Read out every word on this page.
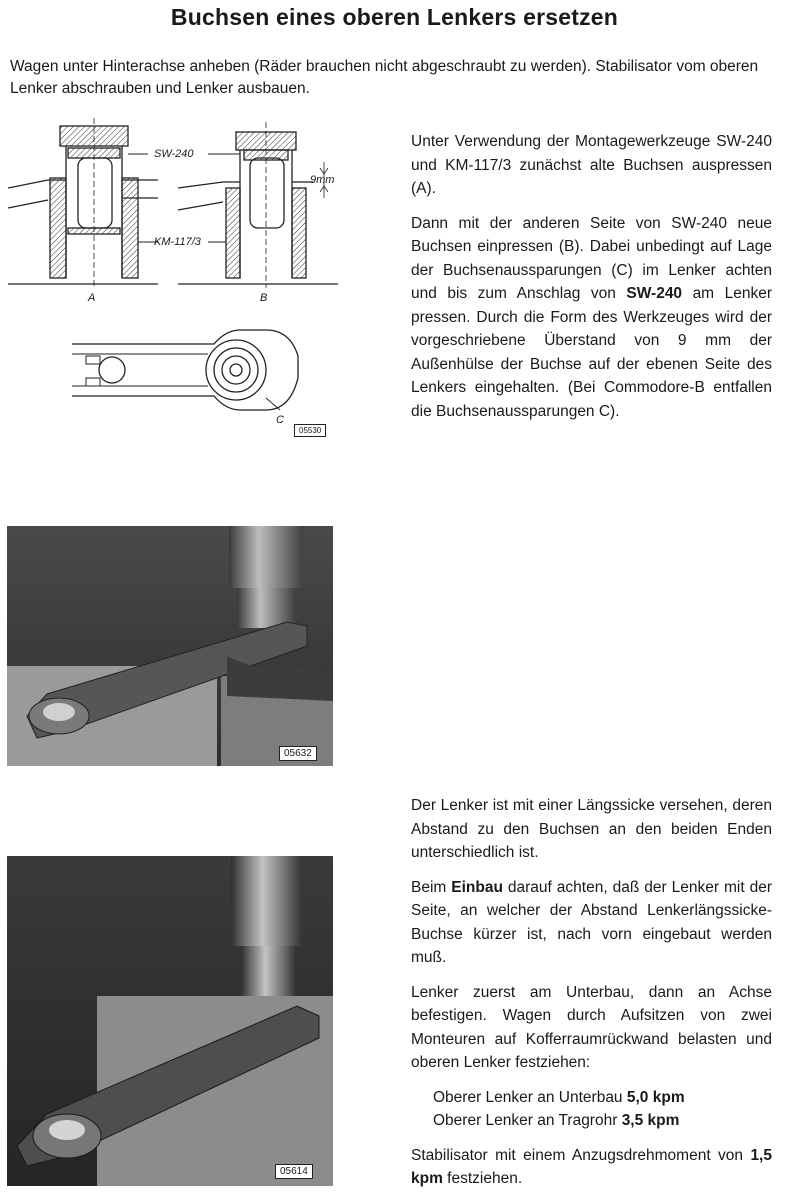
Buchsen eines oberen Lenkers ersetzen
Wagen unter Hinterachse anheben (Räder brauchen nicht abgeschraubt zu werden). Stabilisator vom oberen Lenker abschrauben und Lenker ausbauen.
SW-240
KM-117/3
9mm
A	B
C
05530

Unter Verwendung der Montagewerkzeuge SW-240 und KM-117/3 zunächst alte Buchsen auspressen (A).

Dann mit der anderen Seite von SW-240 neue Buchsen einpressen (B). Dabei unbedingt auf Lage der Buchsenaussparungen (C) im Lenker achten und bis zum Anschlag von SW-240 am Lenker pressen. Durch die Form des Werkzeuges wird der vorgeschriebene Überstand von 9 mm der Außenhülse der Buchse auf der ebenen Seite des Lenkers eingehalten. (Bei Commodore-B entfallen die Buchsenaussparungen C).

05632
05614

Der Lenker ist mit einer Längssicke versehen, deren Abstand zu den Buchsen an den beiden Enden unterschiedlich ist.

Beim Einbau darauf achten, daß der Lenker mit der Seite, an welcher der Abstand Lenkerlängssicke-Buchse kürzer ist, nach vorn eingebaut werden muß.

Lenker zuerst am Unterbau, dann an Achse befestigen. Wagen durch Aufsitzen von zwei Monteuren auf Kofferraumrückwand belasten und oberen Lenker festziehen:

Oberer Lenker an Unterbau 5,0 kpm
Oberer Lenker an Tragrohr 3,5 kpm

Stabilisator mit einem Anzugsdrehmoment von 1,5 kpm festziehen.
